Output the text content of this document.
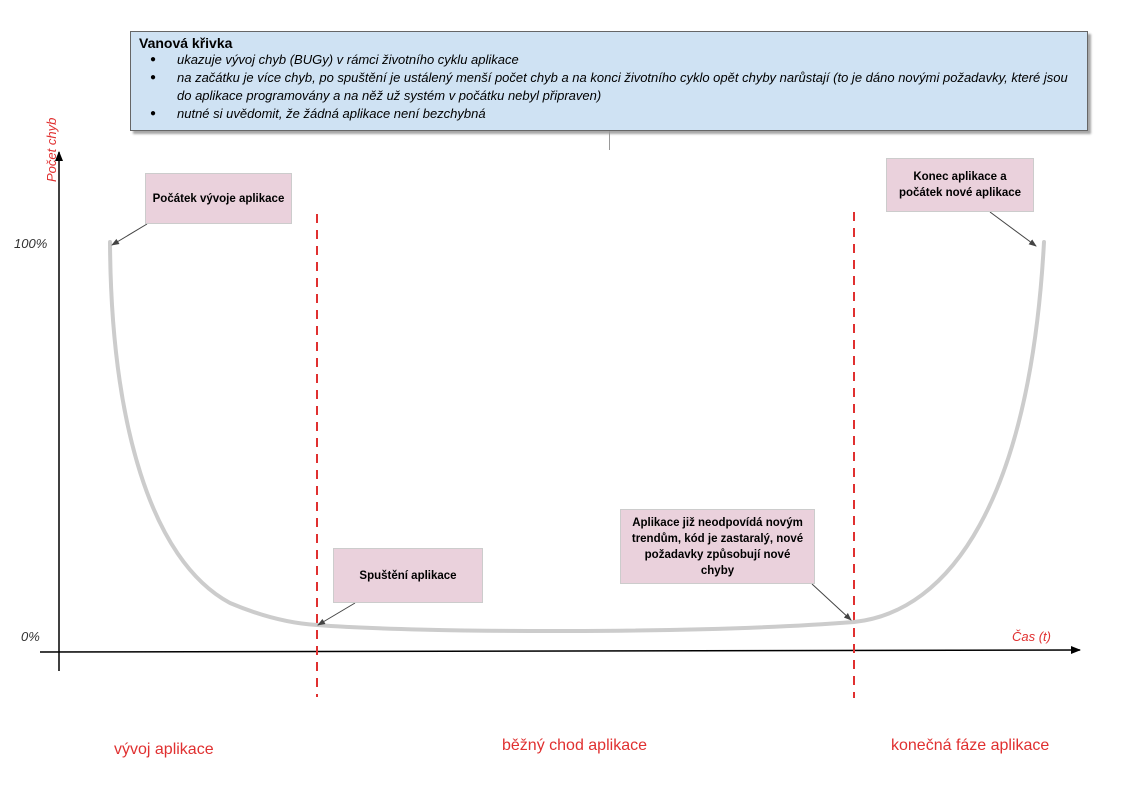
Vanová křivka
● ukazuje vývoj chyb (BUGy) v rámci životního cyklu aplikace
● na začátku je více chyb, po spuštění je ustálený menší počet chyb a na konci životního cyklo opět chyby narůstají (to je dáno novými požadavky, které jsou do aplikace programovány a na něž už systém v počátku nebyl připraven)
● nutné si uvědomit, že žádná aplikace není bezchybná
Počet chyb
100%
0%	Čas (t)
Počátek vývoje aplikace
Spuštění aplikace
Aplikace již neodpovídá novým trendům, kód je zastaralý, nové požadavky způsobují nové chyby
Konec aplikace a počátek nové aplikace
vývoj aplikace	běžný chod aplikace	konečná fáze aplikace
